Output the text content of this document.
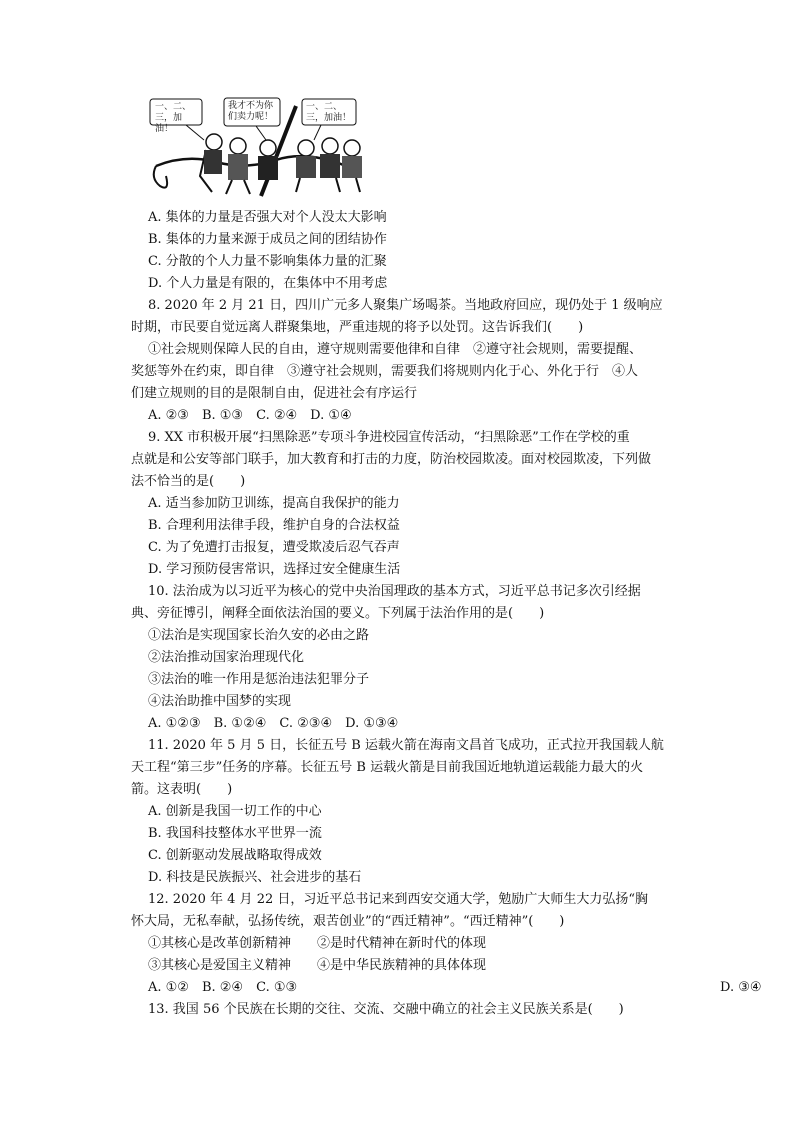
一、二、三，加油！
我才不为你们卖力呢！
一、二、三，加油！
A. 集体的力量是否强大对个人没太大影响
B. 集体的力量来源于成员之间的团结协作
C. 分散的个人力量不影响集体力量的汇聚
D. 个人力量是有限的，在集体中不用考虑
8. 2020 年 2 月 21 日，四川广元多人聚集广场喝茶。当地政府回应，现仍处于 1 级响应
时期，市民要自觉远离人群聚集地，严重违规的将予以处罚。这告诉我们(　　)
①社会规则保障人民的自由，遵守规则需要他律和自律　②遵守社会规则，需要提醒、
奖惩等外在约束，即自律　③遵守社会规则，需要我们将规则内化于心、外化于行　④人
们建立规则的目的是限制自由，促进社会有序运行
A. ②③　B. ①③　C. ②④　D. ①④
9. XX 市积极开展“扫黑除恶”专项斗争进校园宣传活动，“扫黑除恶”工作在学校的重
点就是和公安等部门联手，加大教育和打击的力度，防治校园欺凌。面对校园欺凌，下列做
法不恰当的是(　　)
A. 适当参加防卫训练，提高自我保护的能力
B. 合理利用法律手段，维护自身的合法权益
C. 为了免遭打击报复，遭受欺凌后忍气吞声
D. 学习预防侵害常识，选择过安全健康生活
10. 法治成为以习近平为核心的党中央治国理政的基本方式，习近平总书记多次引经据
典、旁征博引，阐释全面依法治国的要义。下列属于法治作用的是(　　)
①法治是实现国家长治久安的必由之路
②法治推动国家治理现代化
③法治的唯一作用是惩治违法犯罪分子
④法治助推中国梦的实现
A. ①②③　B. ①②④　C. ②③④　D. ①③④
11. 2020 年 5 月 5 日，长征五号 B 运载火箭在海南文昌首飞成功，正式拉开我国载人航
天工程“第三步”任务的序幕。长征五号 B 运载火箭是目前我国近地轨道运载能力最大的火
箭。这表明(　　)
A. 创新是我国一切工作的中心
B. 我国科技整体水平世界一流
C. 创新驱动发展战略取得成效
D. 科技是民族振兴、社会进步的基石
12. 2020 年 4 月 22 日，习近平总书记来到西安交通大学，勉励广大师生大力弘扬“胸
怀大局，无私奉献，弘扬传统，艰苦创业”的“西迁精神”。“西迁精神”(　　)
①其核心是改革创新精神　　②是时代精神在新时代的体现
③其核心是爱国主义精神　　④是中华民族精神的具体体现
A. ①②　B. ②④　C. ①③	D. ③④
13. 我国 56 个民族在长期的交往、交流、交融中确立的社会主义民族关系是(　　)
